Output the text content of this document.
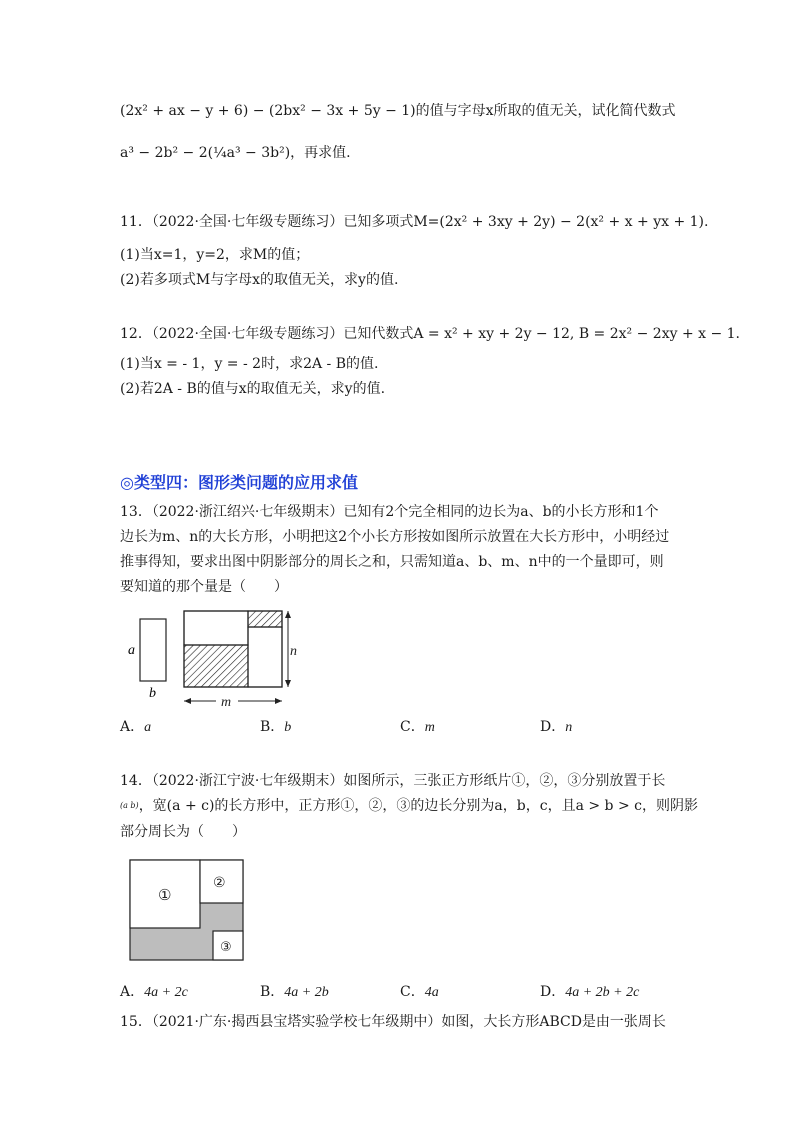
(2x² + ax − y + 6) − (2bx² − 3x + 5y − 1)的值与字母x所取的值无关，试化简代数式
a³ − 2b² − 2(¼a³ − 3b²)，再求值.
11．（2022·全国·七年级专题练习）已知多项式M=(2x² + 3xy + 2y) − 2(x² + x + yx + 1).
(1)当x=1，y=2，求M的值；
(2)若多项式M与字母x的取值无关，求y的值.
12．（2022·全国·七年级专题练习）已知代数式A = x² + xy + 2y − 12, B = 2x² − 2xy + x − 1.
(1)当x = - 1，y = - 2时，求2A - B的值.
(2)若2A - B的值与x的取值无关，求y的值.
◎类型四：图形类问题的应用求值
13．（2022·浙江绍兴·七年级期末）已知有2个完全相同的边长为a、b的小长方形和1个
边长为m、n的大长方形，小明把这2个小长方形按如图所示放置在大长方形中，小明经过
推事得知，要求出图中阴影部分的周长之和，只需知道a、b、m、n中的一个量即可，则
要知道的那个量是（　　）
a
b
n
m
A．a	B．b	C．m	D．n
14．（2022·浙江宁波·七年级期末）如图所示，三张正方形纸片①，②，③分别放置于长
(a b)，宽(a + c)的长方形中，正方形①，②，③的边长分别为a，b，c，且a > b > c，则阴影
部分周长为（　　）
①
②
③
A．4a + 2c	B．4a + 2b	C．4a	D．4a + 2b + 2c
15．（2021·广东·揭西县宝塔实验学校七年级期中）如图，大长方形ABCD是由一张周长
